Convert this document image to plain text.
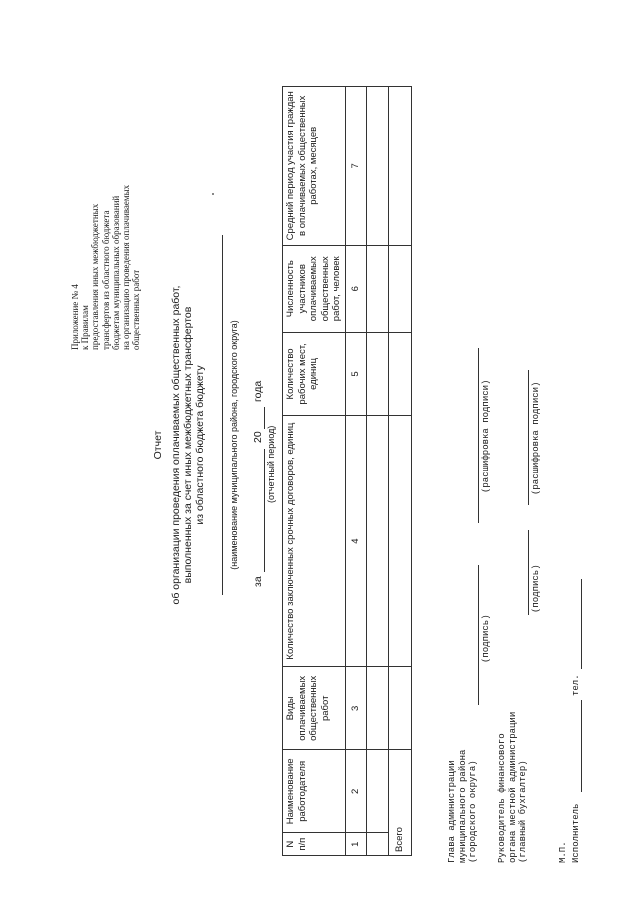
Приложение № 4 к Правилам предоставления иных межбюджетных трансфертов из областного бюджета бюджетам муниципальных образований на организацию проведения оплачиваемых общественных работ
Отчет об организации проведения оплачиваемых общественных работ, выполненных за счет иных межбюджетных трансфертов из областного бюджета бюджету	(наименование муниципального района, городского округа)
за
20
года
(отчетный период)
N п/п	Наименование работодателя	Виды оплачиваемых общественных работ	Количество заключенных срочных договоров, единиц	Количество рабочих мест, единиц	Численность участников оплачиваемых общественных работ, человек	Средний период участия граждан в оплачиваемых общественных работах, месяцев
1	2	3	4	5	6	7

Всего							Глава администрации муниципального района (городского округа)
(подпись)
(расшифровка подписи)
Руководитель финансового органа местной администрации (главный бухгалтер)
(подпись)
(расшифровка подписи)
М.П. Исполнитель
тел.
